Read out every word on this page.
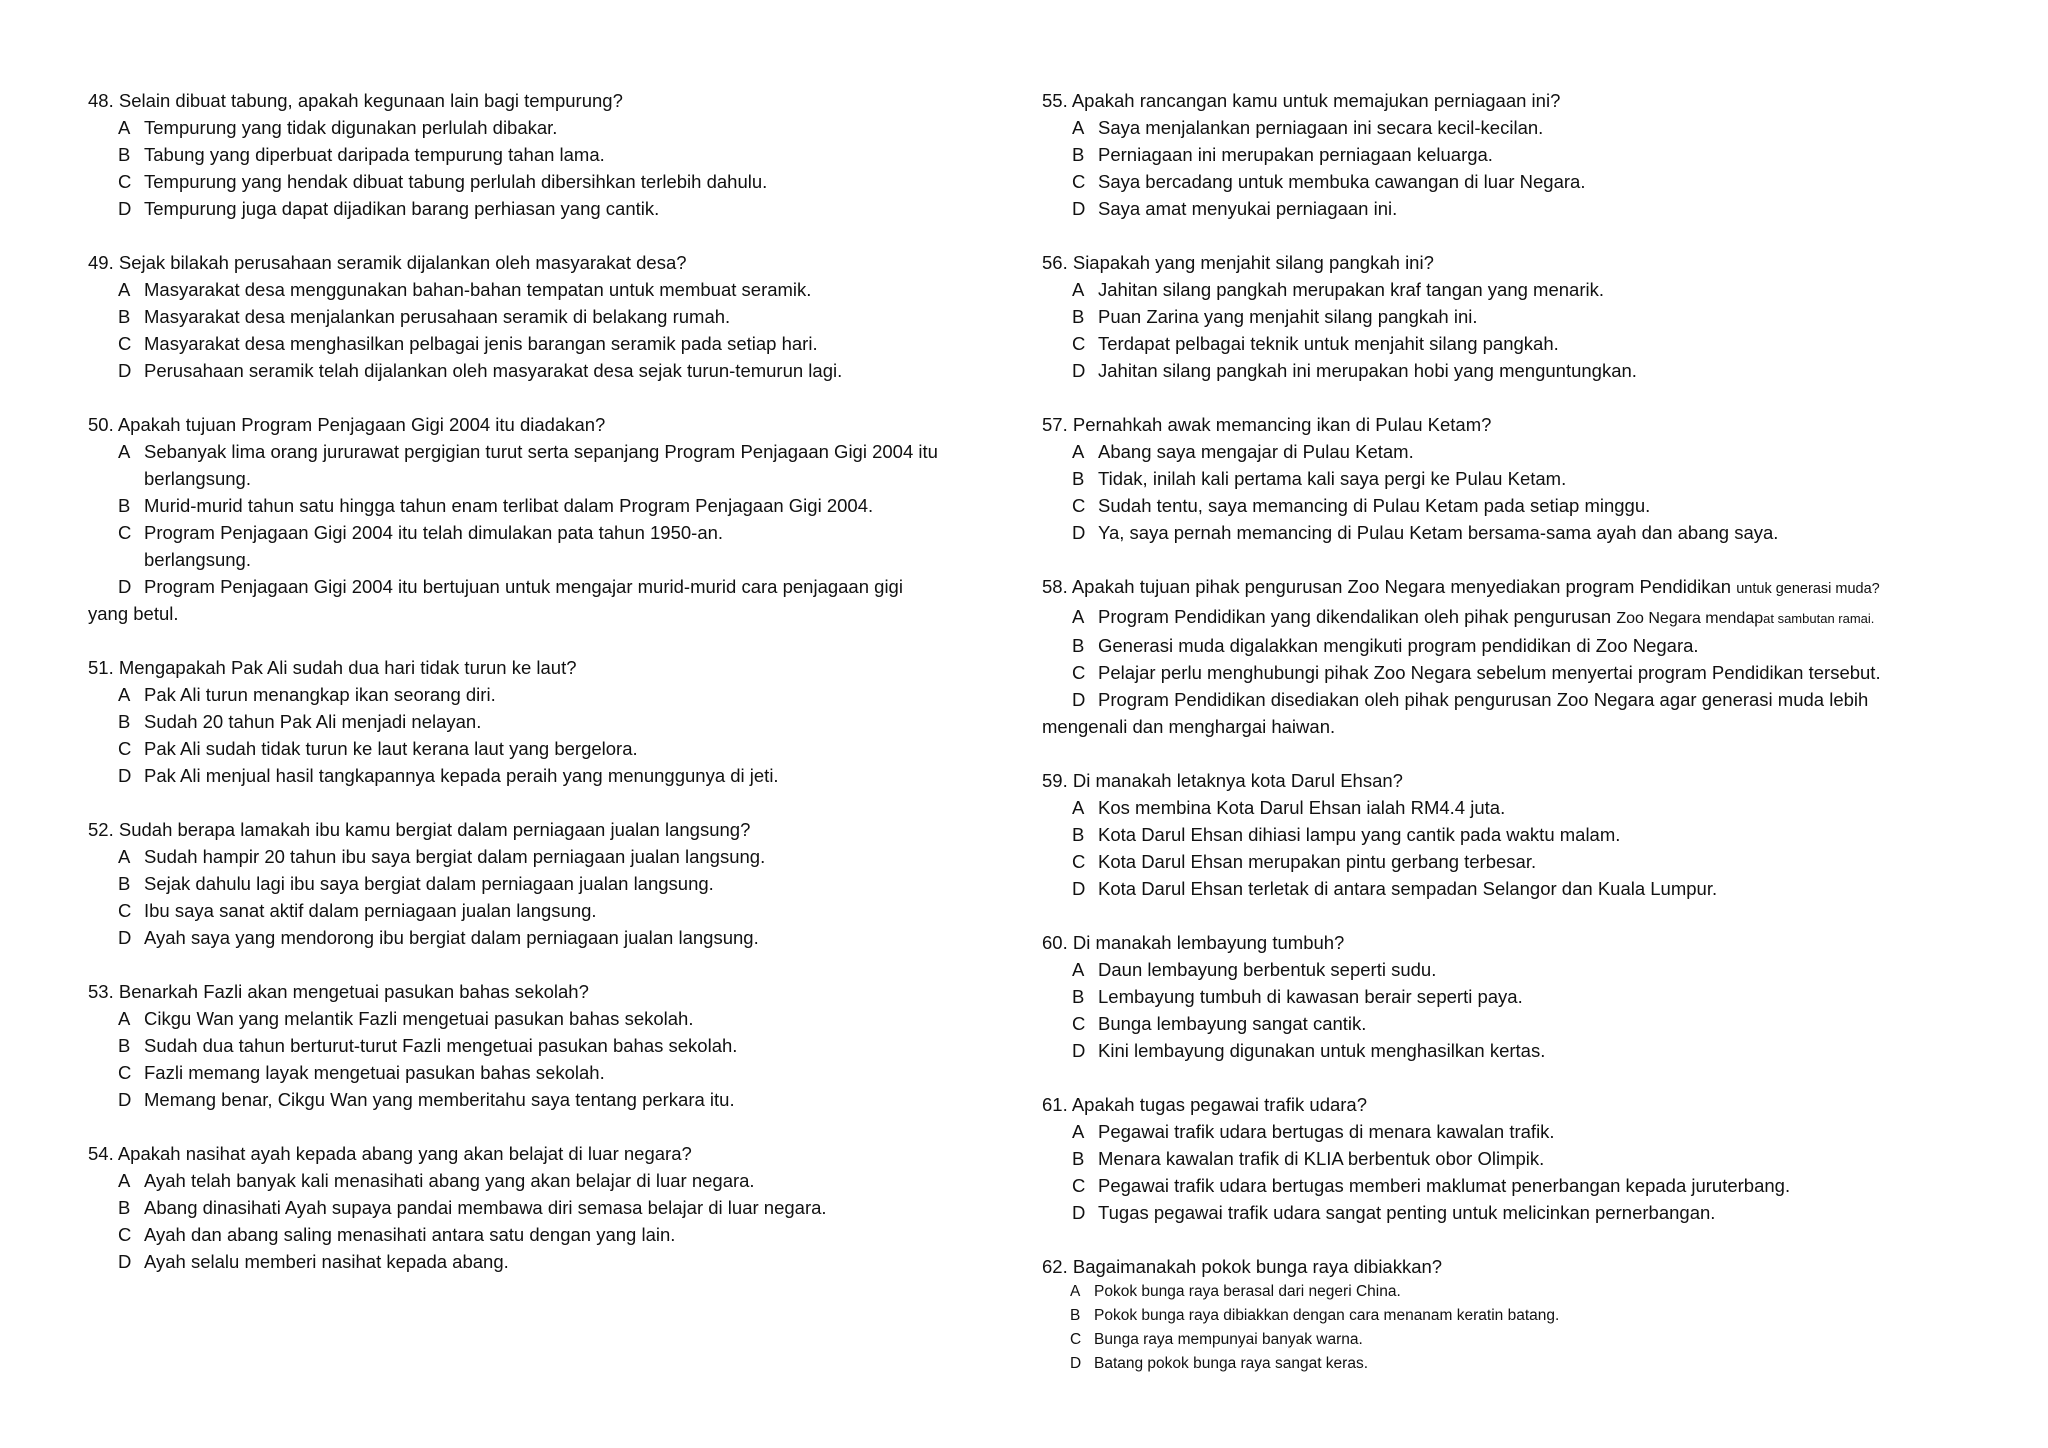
48. Selain dibuat tabung, apakah kegunaan lain bagi tempurung?
A Tempurung yang tidak digunakan perlulah dibakar.
B Tabung yang diperbuat daripada tempurung tahan lama.
C Tempurung yang hendak dibuat tabung perlulah dibersihkan terlebih dahulu.
D Tempurung juga dapat dijadikan barang perhiasan yang cantik.
49. Sejak bilakah perusahaan seramik dijalankan oleh masyarakat desa?
A Masyarakat desa menggunakan bahan-bahan tempatan untuk membuat seramik.
B Masyarakat desa menjalankan perusahaan seramik di belakang rumah.
C Masyarakat desa menghasilkan pelbagai jenis barangan seramik pada setiap hari.
D Perusahaan seramik telah dijalankan oleh masyarakat desa sejak turun-temurun lagi.
50. Apakah tujuan Program Penjagaan Gigi 2004 itu diadakan?
A Sebanyak lima orang jururawat pergigian turut serta sepanjang Program Penjagaan Gigi 2004 itu
berlangsung.
B Murid-murid tahun satu hingga tahun enam terlibat dalam Program Penjagaan Gigi 2004.
C Program Penjagaan Gigi 2004 itu telah dimulakan pata tahun 1950-an.
berlangsung.
D Program Penjagaan Gigi 2004 itu bertujuan untuk mengajar murid-murid cara penjagaan gigi
yang betul.
51. Mengapakah Pak Ali sudah dua hari tidak turun ke laut?
A Pak Ali turun menangkap ikan seorang diri.
B Sudah 20 tahun Pak Ali menjadi nelayan.
C Pak Ali sudah tidak turun ke laut kerana laut yang bergelora.
D Pak Ali menjual hasil tangkapannya kepada peraih yang menunggunya di jeti.
52. Sudah berapa lamakah ibu kamu bergiat dalam perniagaan jualan langsung?
A Sudah hampir 20 tahun ibu saya bergiat dalam perniagaan jualan langsung.
B Sejak dahulu lagi ibu saya bergiat dalam perniagaan jualan langsung.
C Ibu saya sanat aktif dalam perniagaan jualan langsung.
D Ayah saya yang mendorong ibu bergiat dalam perniagaan jualan langsung.
53. Benarkah Fazli akan mengetuai pasukan bahas sekolah?
A Cikgu Wan yang melantik Fazli mengetuai pasukan bahas sekolah.
B Sudah dua tahun berturut-turut Fazli mengetuai pasukan bahas sekolah.
C Fazli memang layak mengetuai pasukan bahas sekolah.
D Memang benar, Cikgu Wan yang memberitahu saya tentang perkara itu.
54. Apakah nasihat ayah kepada abang yang akan belajat di luar negara?
A Ayah telah banyak kali menasihati abang yang akan belajar di luar negara.
B Abang dinasihati Ayah supaya pandai membawa diri semasa belajar di luar negara.
C Ayah dan abang saling menasihati antara satu dengan yang lain.
D Ayah selalu memberi nasihat kepada abang.
55. Apakah rancangan kamu untuk memajukan perniagaan ini?
A Saya menjalankan perniagaan ini secara kecil-kecilan.
B Perniagaan ini merupakan perniagaan keluarga.
C Saya bercadang untuk membuka cawangan di luar Negara.
D Saya amat menyukai perniagaan ini.
56. Siapakah yang menjahit silang pangkah ini?
A Jahitan silang pangkah merupakan kraf tangan yang menarik.
B Puan Zarina yang menjahit silang pangkah ini.
C Terdapat pelbagai teknik untuk menjahit silang pangkah.
D Jahitan silang pangkah ini merupakan hobi yang menguntungkan.
57. Pernahkah awak memancing ikan di Pulau Ketam?
A Abang saya mengajar di Pulau Ketam.
B Tidak, inilah kali pertama kali saya pergi ke Pulau Ketam.
C Sudah tentu, saya memancing di Pulau Ketam pada setiap minggu.
D Ya, saya pernah memancing di Pulau Ketam bersama-sama ayah dan abang saya.
58. Apakah tujuan pihak pengurusan Zoo Negara menyediakan program Pendidikan untuk generasi muda?
A Program Pendidikan yang dikendalikan oleh pihak pengurusan Zoo Negara mendapat sambutan ramai.
B Generasi muda digalakkan mengikuti program pendidikan di Zoo Negara.
C Pelajar perlu menghubungi pihak Zoo Negara sebelum menyertai program Pendidikan tersebut.
D Program Pendidikan disediakan oleh pihak pengurusan Zoo Negara agar generasi muda lebih
mengenali dan menghargai haiwan.
59. Di manakah letaknya kota Darul Ehsan?
A Kos membina Kota Darul Ehsan ialah RM4.4 juta.
B Kota Darul Ehsan dihiasi lampu yang cantik pada waktu malam.
C Kota Darul Ehsan merupakan pintu gerbang terbesar.
D Kota Darul Ehsan terletak di antara sempadan Selangor dan Kuala Lumpur.
60. Di manakah lembayung tumbuh?
A Daun lembayung berbentuk seperti sudu.
B Lembayung tumbuh di kawasan berair seperti paya.
C Bunga lembayung sangat cantik.
D Kini lembayung digunakan untuk menghasilkan kertas.
61. Apakah tugas pegawai trafik udara?
A Pegawai trafik udara bertugas di menara kawalan trafik.
B Menara kawalan trafik di KLIA berbentuk obor Olimpik.
C Pegawai trafik udara bertugas memberi maklumat penerbangan kepada juruterbang.
D Tugas pegawai trafik udara sangat penting untuk melicinkan pernerbangan.
62. Bagaimanakah pokok bunga raya dibiakkan?
A Pokok bunga raya berasal dari negeri China.
B Pokok bunga raya dibiakkan dengan cara menanam keratin batang.
C Bunga raya mempunyai banyak warna.
D Batang pokok bunga raya sangat keras.
